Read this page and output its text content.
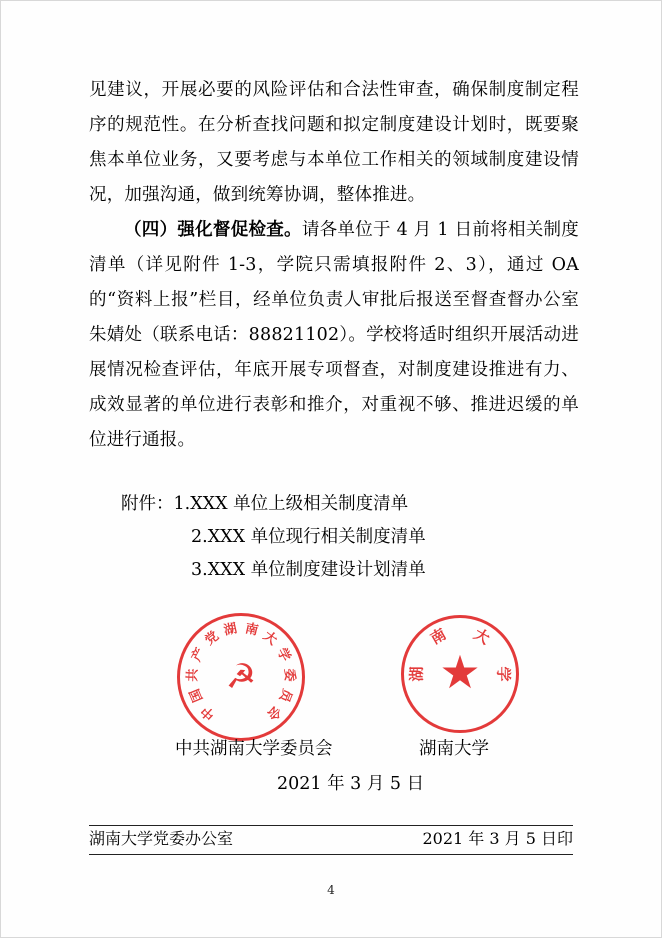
见建议，开展必要的风险评估和合法性审查，确保制度制定程序的规范性。在分析查找问题和拟定制度建设计划时，既要聚焦本单位业务，又要考虑与本单位工作相关的领域制度建设情况，加强沟通，做到统筹协调，整体推进。

（四）强化督促检查。请各单位于 4 月 1 日前将相关制度清单（详见附件 1-3，学院只需填报附件 2、3），通过 OA 的“资料上报”栏目，经单位负责人审批后报送至督查督办公室朱婧处（联系电话：88821102）。学校将适时组织开展活动进展情况检查评估，年底开展专项督查，对制度建设推进有力、成效显著的单位进行表彰和推介，对重视不够、推进迟缓的单位进行通报。

附件：1.XXX 单位上级相关制度清单
2.XXX 单位现行相关制度清单
3.XXX 单位制度建设计划清单
中
国
共
产
党 湖 南 大
学
委
员
会
☭	湖
南 大
学
★
中共湖南大学委员会	湖南大学
2021 年 3 月 5 日
湖南大学党委办公室	2021 年 3 月 5 日印
4
